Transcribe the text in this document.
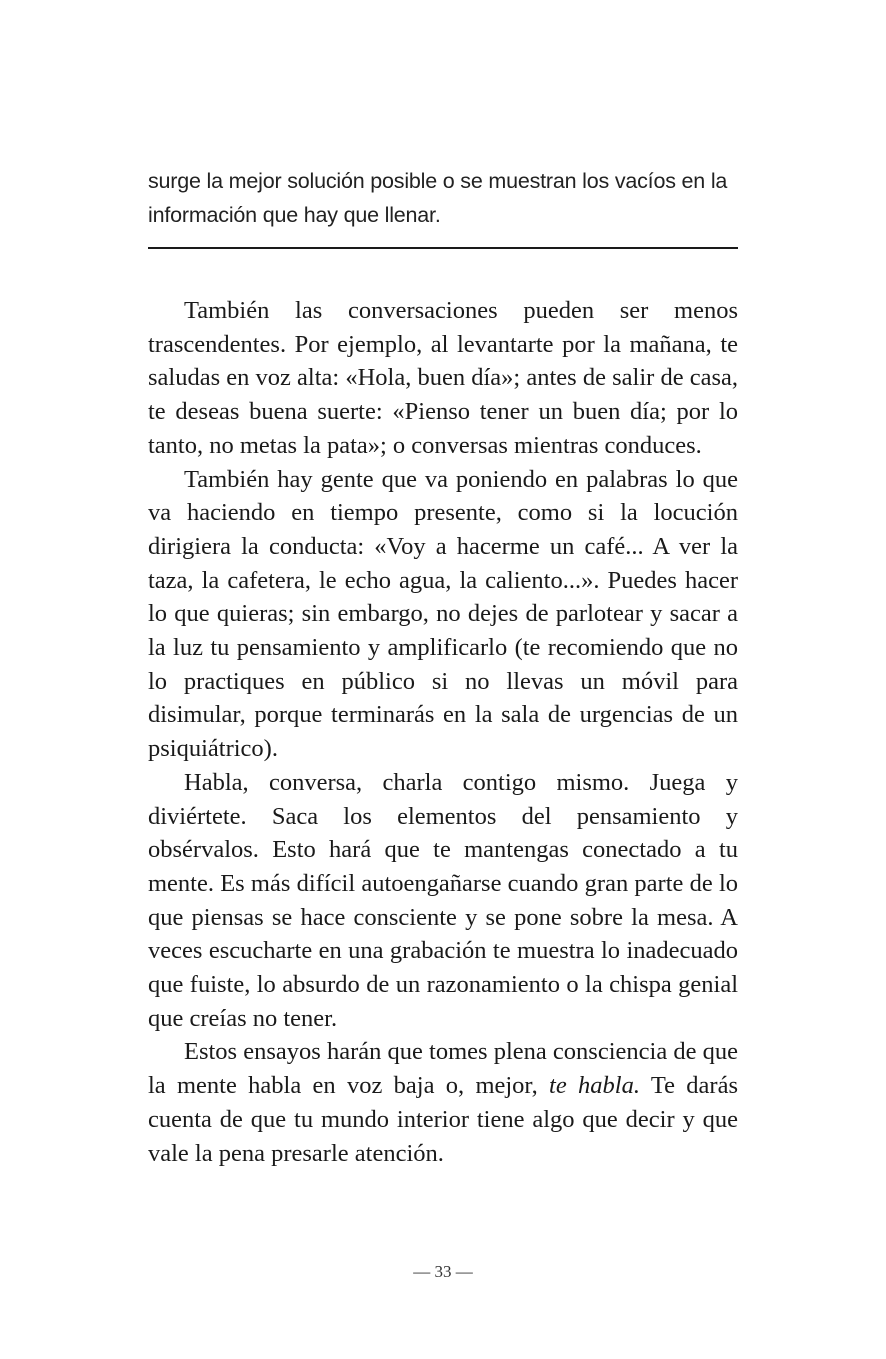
surge la mejor solución posible o se muestran los vacíos en la información que hay que llenar.

También las conversaciones pueden ser menos trascendentes. Por ejemplo, al levantarte por la mañana, te saludas en voz alta: «Hola, buen día»; antes de salir de casa, te deseas buena suerte: «Pienso tener un buen día; por lo tanto, no metas la pata»; o conversas mientras conduces.

También hay gente que va poniendo en palabras lo que va haciendo en tiempo presente, como si la locución dirigiera la conducta: «Voy a hacerme un café... A ver la taza, la cafetera, le echo agua, la caliento...». Puedes hacer lo que quieras; sin embargo, no dejes de parlotear y sacar a la luz tu pensamiento y amplificarlo (te recomiendo que no lo practiques en público si no llevas un móvil para disimular, porque terminarás en la sala de urgencias de un psiquiátrico).

Habla, conversa, charla contigo mismo. Juega y diviértete. Saca los elementos del pensamiento y obsérvalos. Esto hará que te mantengas conectado a tu mente. Es más difícil autoengañarse cuando gran parte de lo que piensas se hace consciente y se pone sobre la mesa. A veces escucharte en una grabación te muestra lo inadecuado que fuiste, lo absurdo de un razonamiento o la chispa genial que creías no tener.

Estos ensayos harán que tomes plena consciencia de que la mente habla en voz baja o, mejor, te habla. Te darás cuenta de que tu mundo interior tiene algo que decir y que vale la pena presarle atención.

— 33 —
